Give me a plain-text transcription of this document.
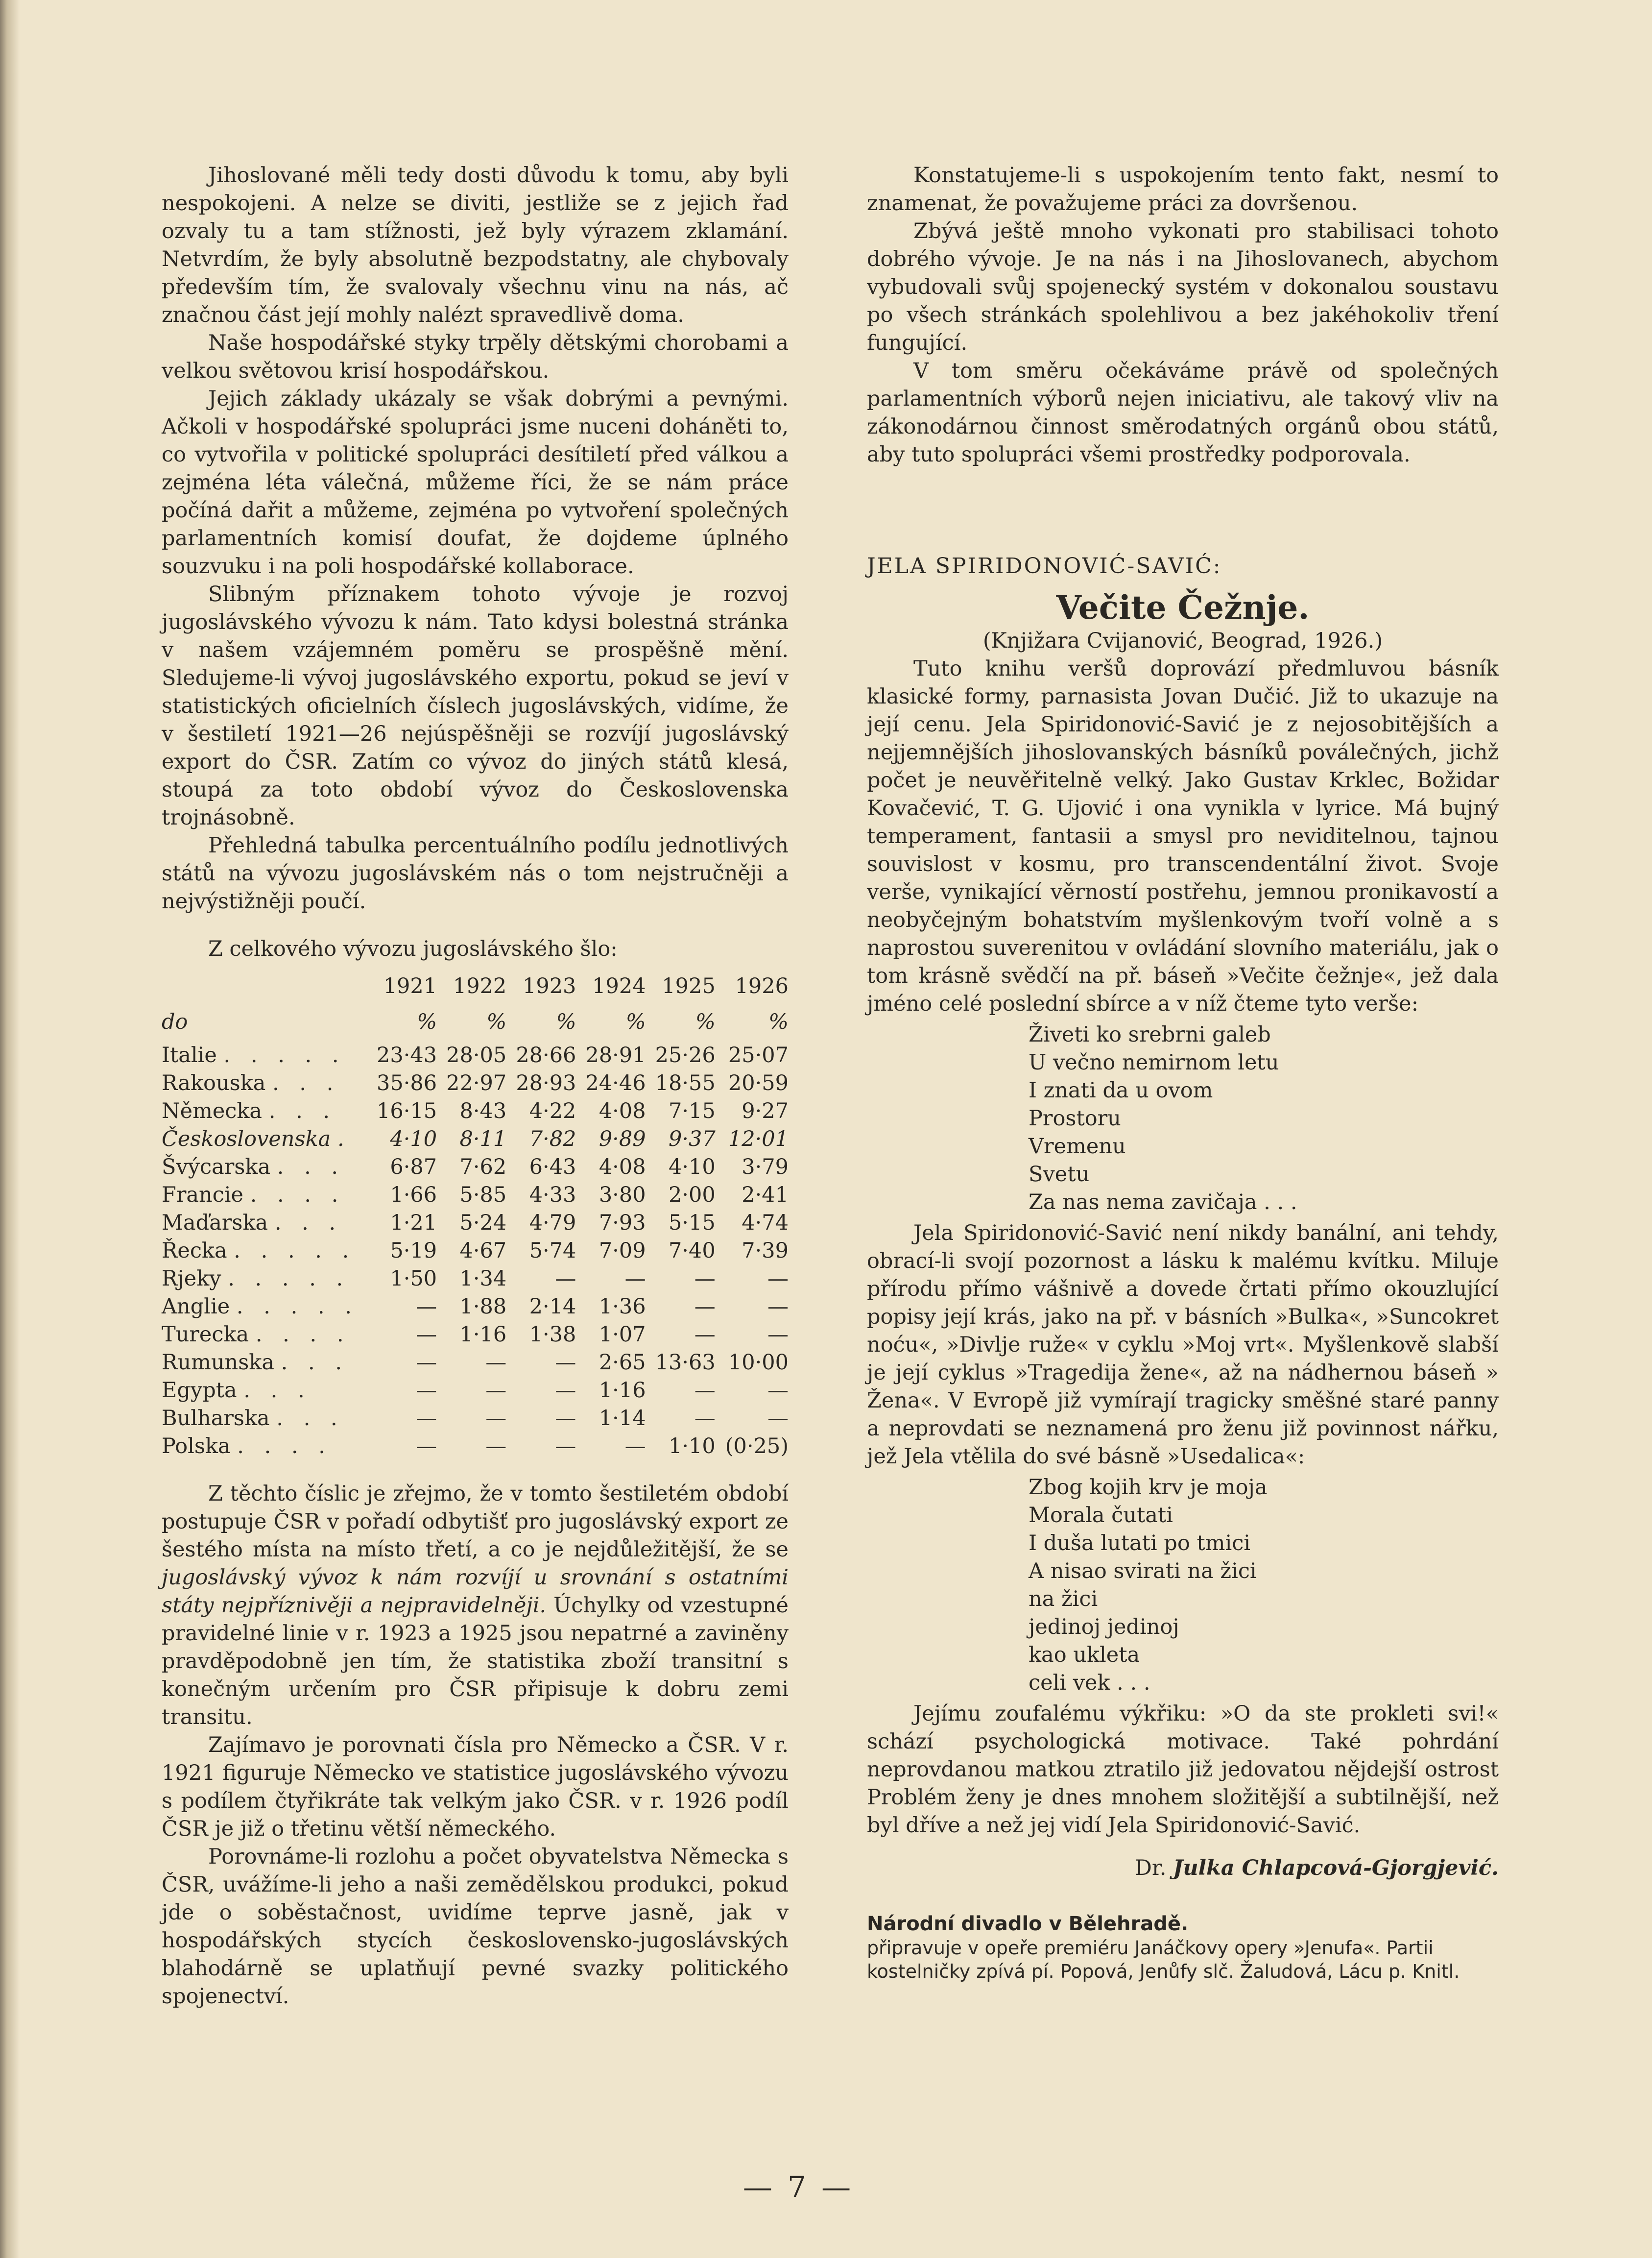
Jihoslované měli tedy dosti důvodu k tomu, aby byli nespokojeni. A nelze se diviti, jestliže se z jejich řad ozvaly tu a tam stížnosti, jež byly výrazem zklamání. Netvrdím, že byly absolutně bezpodstatny, ale chybovaly především tím, že svalovaly všechnu vinu na nás, ač značnou část její mohly nalézt spravedlivě doma.

Naše hospodářské styky trpěly dětskými chorobami a velkou světovou krisí hospodářskou.

Jejich základy ukázaly se však dobrými a pevnými. Ačkoli v hospodářské spolupráci jsme nuceni doháněti to, co vytvořila v politické spolupráci desítiletí před válkou a zejména léta válečná, můžeme říci, že se nám práce počíná dařit a můžeme, zejména po vytvoření společných parlamentních komisí doufat, že dojdeme úplného souzvuku i na poli hospodářské kollaborace.

Slibným příznakem tohoto vývoje je rozvoj jugoslávského vývozu k nám. Tato kdysi bolestná stránka v našem vzájemném poměru se prospěšně mění. Sledujeme-li vývoj jugoslávského exportu, pokud se jeví v statistických oficielních číslech jugoslávských, vidíme, že v šestiletí 1921—26 nejúspěšněji se rozvíjí jugoslávský export do ČSR. Zatím co vývoz do jiných států klesá, stoupá za toto období vývoz do Československa trojnásobně.

Přehledná tabulka percentuálního podílu jednotlivých států na vývozu jugoslávském nás o tom nejstručněji a nejvýstižněji poučí.

Z celkového vývozu jugoslávského šlo:

	1921	1922	1923	1924	1925	1926
do	%	%	%	%	%	%
Italie . . . . .	23·43	28·05	28·66	28·91	25·26	25·07
Rakouska . . .	35·86	22·97	28·93	24·46	18·55	20·59
Německa . . .	16·15	8·43	4·22	4·08	7·15	9·27
Československa .	4·10	8·11	7·82	9·89	9·37	12·01
Švýcarska . . .	6·87	7·62	6·43	4·08	4·10	3·79
Francie . . . .	1·66	5·85	4·33	3·80	2·00	2·41
Maďarska . . .	1·21	5·24	4·79	7·93	5·15	4·74
Řecka . . . . .	5·19	4·67	5·74	7·09	7·40	7·39
Rjeky . . . . .	1·50	1·34	—	—	—	—
Anglie . . . . .	—	1·88	2·14	1·36	—	—
Turecka . . . .	—	1·16	1·38	1·07	—	—
Rumunska . . .	—	—	—	2·65	13·63	10·00
Egypta . . .	—	—	—	1·16	—	—
Bulharska . . .	—	—	—	1·14	—	—
Polska . . . .	—	—	—	—	1·10	(0·25)

Z těchto číslic je zřejmo, že v tomto šestiletém období postupuje ČSR v pořadí odbytišť pro jugoslávský export ze šestého místa na místo třetí, a co je nejdůležitější, že se jugoslávský vývoz k nám rozvíjí u srovnání s ostatními státy nejpříznivěji a nejpravidelněji. Úchylky od vzestupné pravidelné linie v r. 1923 a 1925 jsou nepatrné a zaviněny pravděpodobně jen tím, že statistika zboží transitní s konečným určením pro ČSR připisuje k dobru zemi transitu.

Zajímavo je porovnati čísla pro Německo a ČSR. V r. 1921 figuruje Německo ve statistice jugoslávského vývozu s podílem čtyřikráte tak velkým jako ČSR. v r. 1926 podíl ČSR je již o třetinu větší německého.

Porovnáme-li rozlohu a počet obyvatelstva Německa s ČSR, uvážíme-li jeho a naši zemědělskou produkci, pokud jde o soběstačnost, uvidíme teprve jasně, jak v hospodářských stycích československo-jugoslávských blahodárně se uplatňují pevné svazky politického spojenectví.

Konstatujeme-li s uspokojením tento fakt, nesmí to znamenat, že považujeme práci za dovršenou.

Zbývá ještě mnoho vykonati pro stabilisaci tohoto dobrého vývoje. Je na nás i na Jihoslovanech, abychom vybudovali svůj spojenecký systém v dokonalou soustavu po všech stránkách spolehlivou a bez jakéhokoliv tření fungující.

V tom směru očekáváme právě od společných parlamentních výborů nejen iniciativu, ale takový vliv na zákonodárnou činnost směrodatných orgánů obou států, aby tuto spolupráci všemi prostředky podporovala.

JELA SPIRIDONOVIĆ-SAVIĆ:
Večite Čežnje.
(Knjižara Cvijanović, Beograd, 1926.)

Tuto knihu veršů doprovází předmluvou básník klasické formy, parnasista Jovan Dučić. Již to ukazuje na její cenu. Jela Spiridonović-Savić je z nejosobitějších a nejjemnějších jihoslovanských básníků poválečných, jichž počet je neuvěřitelně velký. Jako Gustav Krklec, Božidar Kovačević, T. G. Ujović i ona vynikla v lyrice. Má bujný temperament, fantasii a smysl pro neviditelnou, tajnou souvislost v kosmu, pro transcendentální život. Svoje verše, vynikající věrností postřehu, jemnou pronikavostí a neobyčejným bohatstvím myšlenkovým tvoří volně a s naprostou suverenitou v ovládání slovního materiálu, jak o tom krásně svědčí na př. báseň »Večite čežnje«, jež dala jméno celé poslední sbírce a v níž čteme tyto verše:

Živeti ko srebrni galeb
U večno nemirnom letu
I znati da u ovom
Prostoru
Vremenu
Svetu
Za nas nema zavičaja . . .

Jela Spiridonović-Savić není nikdy banální, ani tehdy, obrací-li svojí pozornost a lásku k malému kvítku. Miluje přírodu přímo vášnivě a dovede črtati přímo okouzlující popisy její krás, jako na př. v básních »Bulka«, »Suncokret noću«, »Divlje ruže« v cyklu »Moj vrt«. Myšlenkově slabší je její cyklus »Tragedija žene«, až na nádhernou báseň » Žena«. V Evropě již vymírají tragicky směšné staré panny a neprovdati se neznamená pro ženu již povinnost nářku, jež Jela vtělila do své básně »Usedalica«:

Zbog kojih krv je moja
Morala čutati
I duša lutati po tmici
A nisao svirati na žici
na žici
jedinoj jedinoj
kao ukleta
celi vek . . .

Jejímu zoufalému výkřiku: »O da ste prokleti svi!« schází psychologická motivace. Také pohrdání neprovdanou matkou ztratilo již jedovatou nějdejší ostrost Problém ženy je dnes mnohem složitější a subtilnější, než byl dříve a než jej vidí Jela Spiridonović-Savić.

Dr. Julka Chlapcová-Gjorgjević.
Národní divadlo v Bělehradě.
připravuje v opeře premiéru Janáčkovy opery »Jenufa«. Partii kostelničky zpívá pí. Popová, Jenůfy slč. Žaludová, Lácu p. Knitl.
— 7 —
